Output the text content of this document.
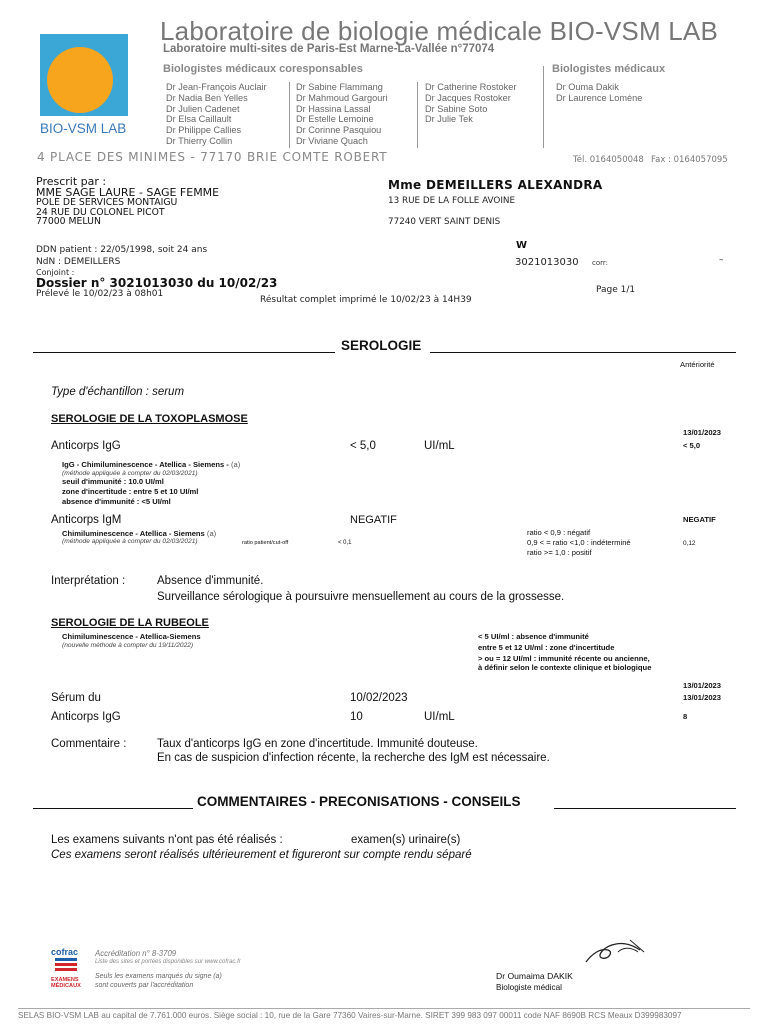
BIO-VSM LAB
Laboratoire de biologie médicale BIO-VSM LAB
Laboratoire multi-sites de Paris-Est Marne-La-Vallée n°77074
Biologistes médicaux coresponsables	Biologistes médicaux
Dr Jean-François Auclair
Dr Nadia Ben Yelles
Dr Julien Cadenet
Dr Elsa Caillault
Dr Philippe Callies
Dr Thierry Collin
Dr Sabine Flammang
Dr Mahmoud Gargouri
Dr Hassina Lassal
Dr Estelle Lemoine
Dr Corinne Pasquiou
Dr Viviane Quach
Dr Catherine Rostoker
Dr Jacques Rostoker
Dr Sabine Soto
Dr Julie Tek
Dr Ouma Dakik
Dr Laurence Lomène
4 PLACE DES MINIMES - 77170 BRIE COMTE ROBERT	Tél. 0164050048 Fax : 0164057095
Prescrit par :
MME SAGE LAURE - SAGE FEMME
POLE DE SERVICES MONTAIGU
24 RUE DU COLONEL PICOT
77000 MELUN
Mme DEMEILLERS ALEXANDRA
13 RUE DE LA FOLLE AVOINE
77240 VERT SAINT DENIS
DDN patient : 22/05/1998, soit 24 ans
NdN : DEMEILLERS
Conjoint :
W
3021013030 corr:	–
Dossier n° 3021013030 du 10/02/23
Prélevé le 10/02/23 à 08h01	Page 1/1
Résultat complet imprimé le 10/02/23 à 14H39
SEROLOGIE
Antériorité
Type d'échantillon : serum
SEROLOGIE DE LA TOXOPLASMOSE
13/01/2023
Anticorps IgG	< 5,0	UI/mL	< 5,0
IgG - Chimiluminescence - Atellica - Siemens - (a)
(méthode appliquée à compter du 02/03/2021)
seuil d'immunité : 10.0 UI/ml
zone d'incertitude : entre 5 et 10 UI/ml
absence d'immunité : <5 UI/ml
Anticorps IgM	NEGATIF	NEGATIF
Chimiluminescence - Atellica - Siemens (a)
(méthode appliquée à compter du 02/03/2021)	ratio patient/cut-off	< 0,1
ratio < 0,9 : négatif
0,9 < = ratio <1,0 : indéterminé
ratio >= 1,0 : positif
0,12
Interprétation :	Absence d'immunité.
Surveillance sérologique à poursuivre mensuellement au cours de la grossesse.
SEROLOGIE DE LA RUBEOLE
Chimiluminescence - Atellica-Siemens
(nouvelle méthode à compter du 19/11/2022)
< 5 UI/ml : absence d'immunité
entre 5 et 12 UI/ml : zone d'incertitude
> ou = 12 UI/ml : immunité récente ou ancienne,
à définir selon le contexte clinique et biologique
13/01/2023
13/01/2023
Sérum du	10/02/2023
Anticorps IgG	10	UI/mL	8
Commentaire :	Taux d'anticorps IgG en zone d'incertitude. Immunité douteuse.
En cas de suspicion d'infection récente, la recherche des IgM est nécessaire.
COMMENTAIRES - PRECONISATIONS - CONSEILS
Les examens suivants n'ont pas été réalisés :	examen(s) urinaire(s)
Ces examens seront réalisés ultérieurement et figureront sur compte rendu séparé
cofrac
EXAMENS
MÉDICAUX
Accréditation n° 8-3709
Liste des sites et portées disponibles sur www.cofrac.fr
Seuls les examens marqués du signe (a)
sont couverts par l'accréditation
Dr Oumaima DAKIK
Biologiste médical
SELAS BIO-VSM LAB au capital de 7.761.000 euros. Siège social : 10, rue de la Gare 77360 Vaires-sur-Marne. SIRET 399 983 097 00011 code NAF 8690B RCS Meaux D399983097
